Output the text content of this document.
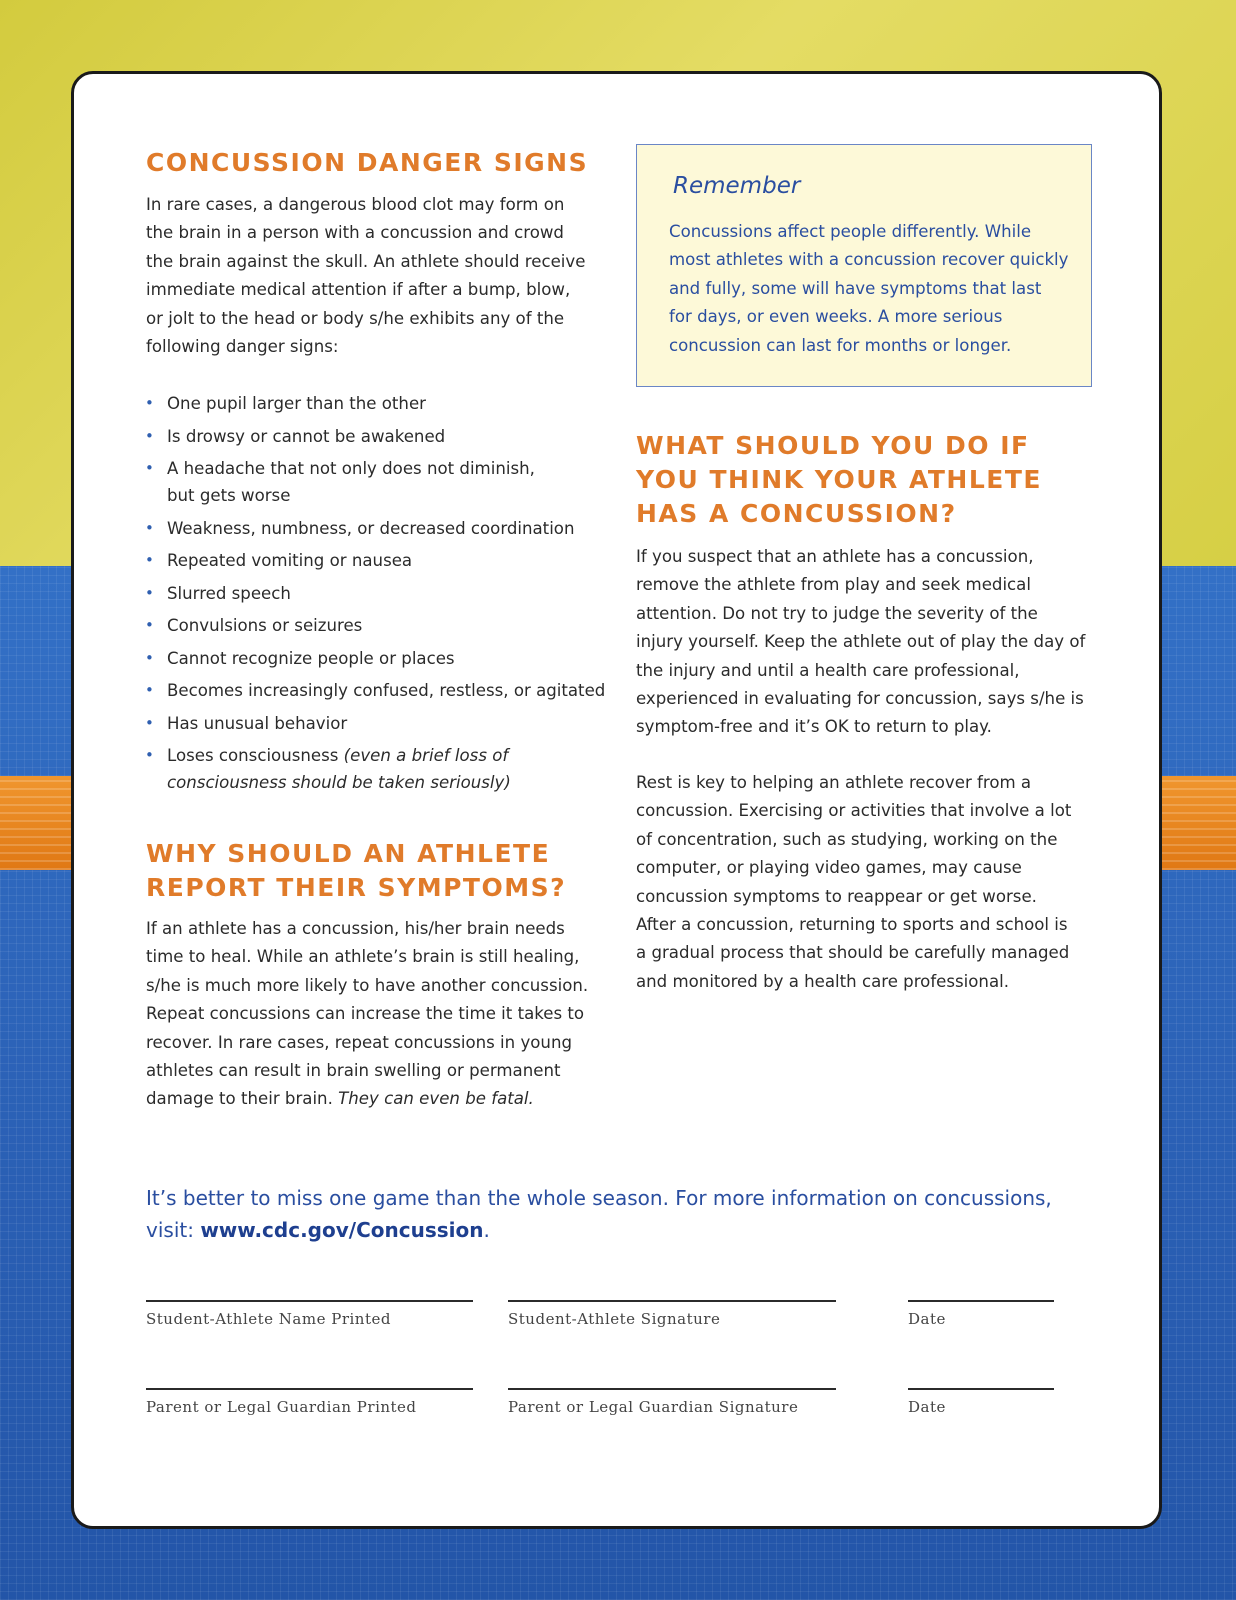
CONCUSSION DANGER SIGNS

In rare cases, a dangerous blood clot may form on the brain in a person with a concussion and crowd the brain against the skull. An athlete should receive immediate medical attention if after a bump, blow, or jolt to the head or body s/he exhibits any of the following danger signs:

• One pupil larger than the other
• Is drowsy or cannot be awakened
• A headache that not only does not diminish,
but gets worse
• Weakness, numbness, or decreased coordination
• Repeated vomiting or nausea
• Slurred speech
• Convulsions or seizures
• Cannot recognize people or places
• Becomes increasingly confused, restless, or agitated
• Has unusual behavior
• Loses consciousness (even a brief loss of
consciousness should be taken seriously)
WHY SHOULD AN ATHLETE REPORT THEIR SYMPTOMS?

If an athlete has a concussion, his/her brain needs time to heal. While an athlete’s brain is still healing, s/he is much more likely to have another concussion. Repeat concussions can increase the time it takes to recover. In rare cases, repeat concussions in young athletes can result in brain swelling or permanent damage to their brain. They can even be fatal.

Remember

Concussions affect people differently. While most athletes with a concussion recover quickly and fully, some will have symptoms that last for days, or even weeks. A more serious concussion can last for months or longer.

WHAT SHOULD YOU DO IF YOU THINK YOUR ATHLETE HAS A CONCUSSION?

If you suspect that an athlete has a concussion, remove the athlete from play and seek medical attention. Do not try to judge the severity of the injury yourself. Keep the athlete out of play the day of the injury and until a health care professional, experienced in evaluating for concussion, says s/he is symptom-free and it’s OK to return to play.

Rest is key to helping an athlete recover from a concussion. Exercising or activities that involve a lot of concentration, such as studying, working on the computer, or playing video games, may cause concussion symptoms to reappear or get worse. After a concussion, returning to sports and school is a gradual process that should be carefully managed and monitored by a health care professional.

It’s better to miss one game than the whole season. For more information on concussions, visit: www.cdc.gov/Concussion.

Student-Athlete Name Printed	Student-Athlete Signature	Date
Parent or Legal Guardian Printed	Parent or Legal Guardian Signature	Date
